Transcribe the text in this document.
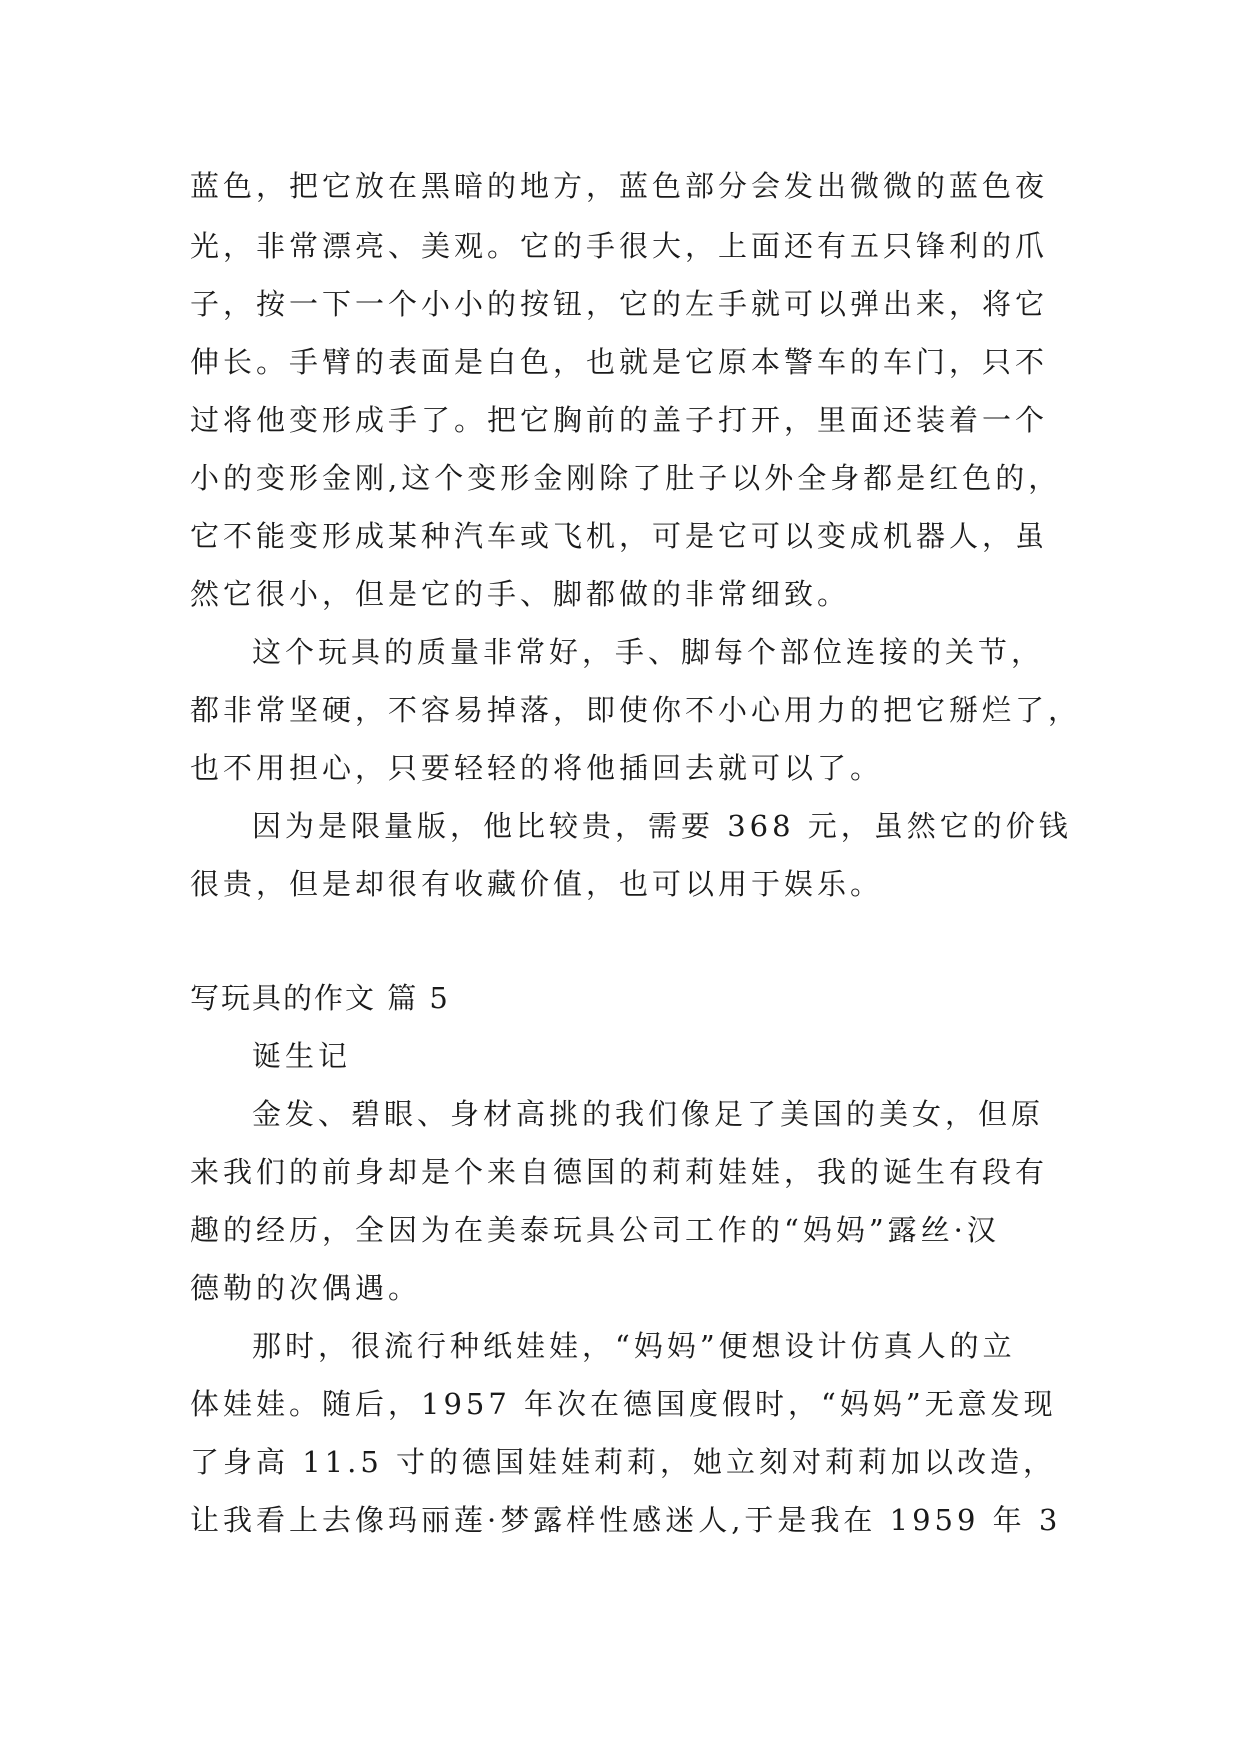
蓝色，把它放在黑暗的地方，蓝色部分会发出微微的蓝色夜

光，非常漂亮、美观。它的手很大，上面还有五只锋利的爪

子，按一下一个小小的按钮，它的左手就可以弹出来，将它

伸长。手臂的表面是白色，也就是它原本警车的车门，只不

过将他变形成手了。把它胸前的盖子打开，里面还装着一个

小的变形金刚,这个变形金刚除了肚子以外全身都是红色的，

它不能变形成某种汽车或飞机，可是它可以变成机器人，虽

然它很小，但是它的手、脚都做的非常细致。

这个玩具的质量非常好，手、脚每个部位连接的关节，

都非常坚硬，不容易掉落，即使你不小心用力的把它掰烂了，

也不用担心，只要轻轻的将他插回去就可以了。

因为是限量版，他比较贵，需要 368 元，虽然它的价钱

很贵，但是却很有收藏价值，也可以用于娱乐。

写玩具的作文 篇 5

诞生记

金发、碧眼、身材高挑的我们像足了美国的美女，但原

来我们的前身却是个来自德国的莉莉娃娃，我的诞生有段有

趣的经历，全因为在美泰玩具公司工作的“妈妈”露丝·汉

德勒的次偶遇。

那时，很流行种纸娃娃，“妈妈”便想设计仿真人的立

体娃娃。随后，1957 年次在德国度假时，“妈妈”无意发现

了身高 11.5 寸的德国娃娃莉莉，她立刻对莉莉加以改造，

让我看上去像玛丽莲·梦露样性感迷人,于是我在 1959 年 3
